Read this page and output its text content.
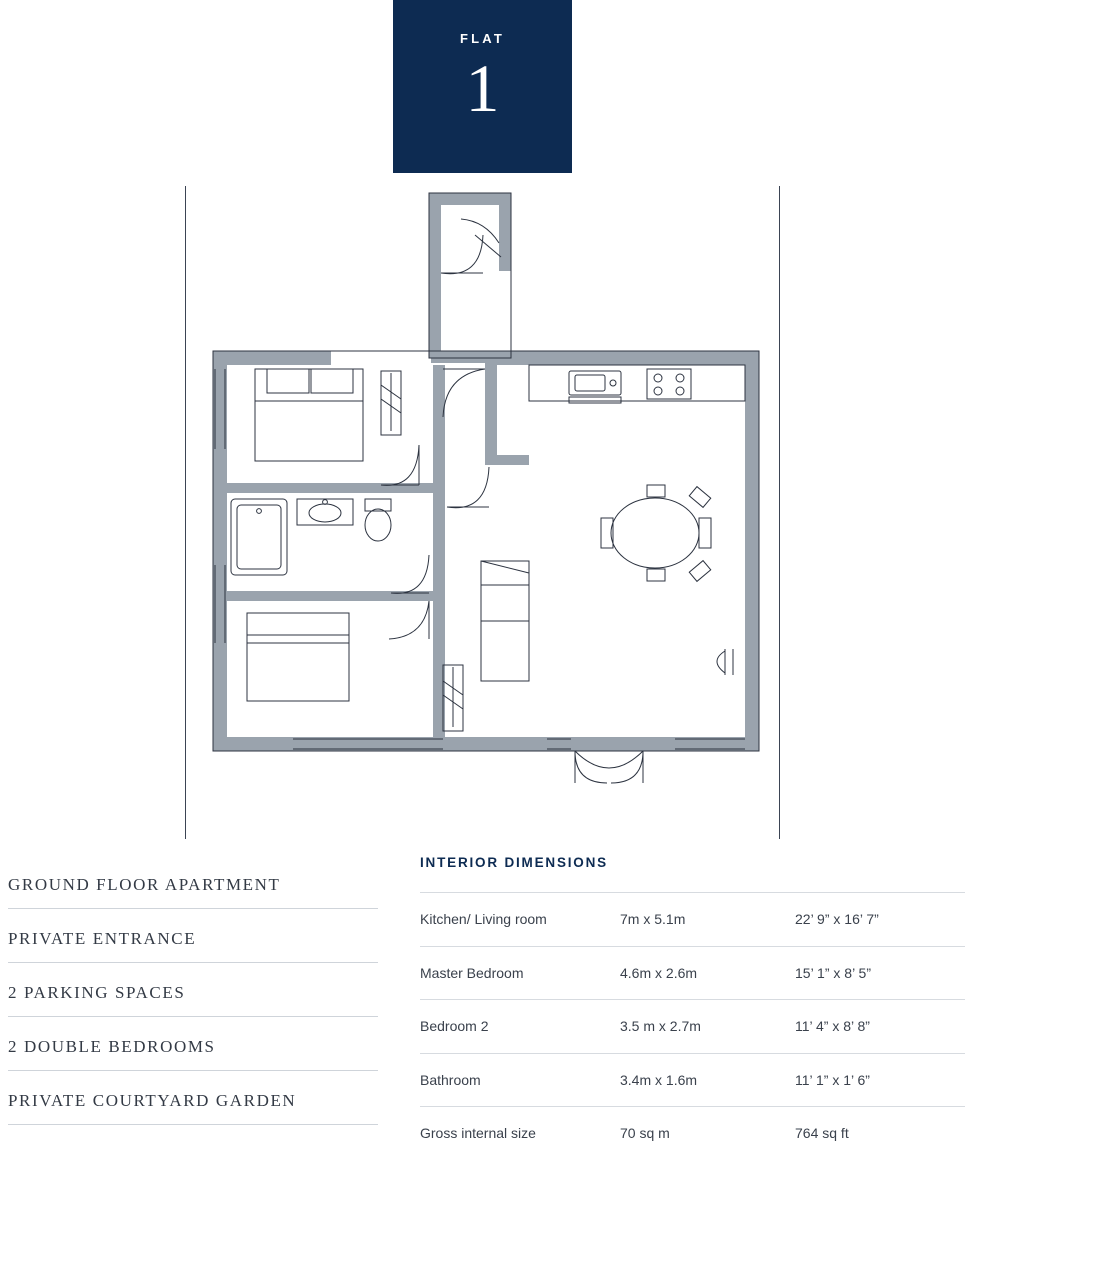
FLAT
1
GROUND FLOOR APARTMENT
PRIVATE ENTRANCE
2 PARKING SPACES
2 DOUBLE BEDROOMS
PRIVATE COURTYARD GARDEN
INTERIOR DIMENSIONS
Kitchen/ Living room	7m x 5.1m	22’ 9” x 16’ 7”
Master Bedroom	4.6m x 2.6m	15’ 1” x 8’ 5”
Bedroom 2	3.5 m x 2.7m	11’ 4” x 8’ 8”
Bathroom	3.4m x 1.6m	11’ 1” x 1’ 6”
Gross internal size	70 sq m	764 sq ft
